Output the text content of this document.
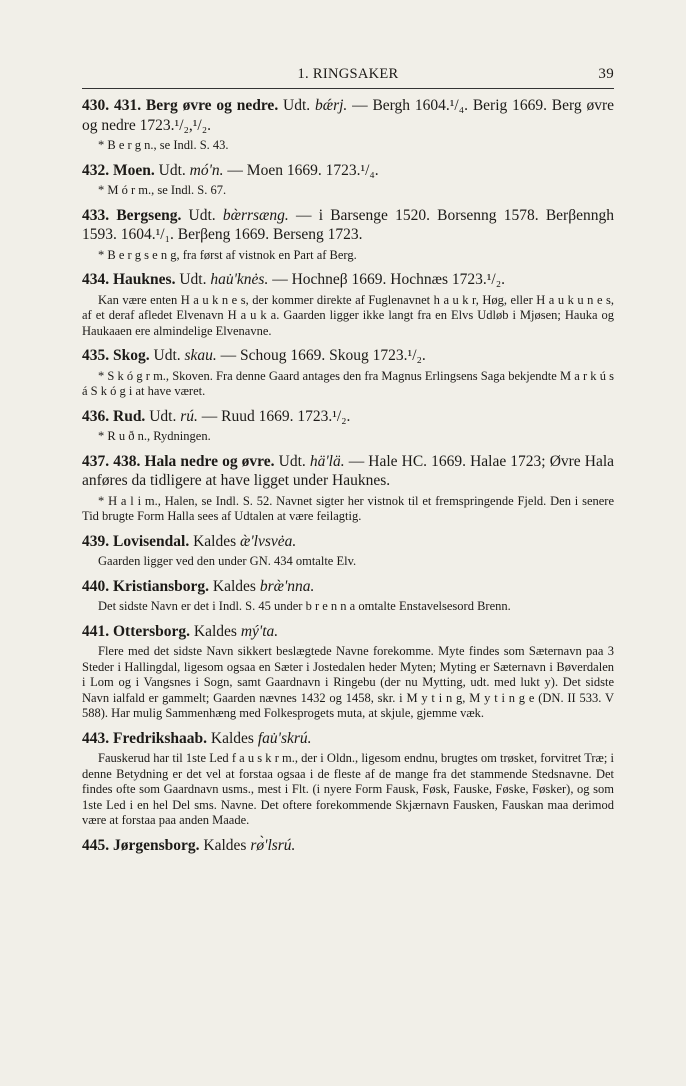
1. RINGSAKER	39
430. 431. Berg øvre og nedre. Udt. bǽrj. — Bergh 1604.¹/₄. Berig 1669. Berg øvre og nedre 1723.¹/₂,¹/₂.
* B e r g n., se Indl. S. 43.
432. Moen. Udt. mó'n. — Moen 1669. 1723.¹/₄.
* M ó r m., se Indl. S. 67.
433. Bergseng. Udt. bæ̀rrsæng. — i Barsenge 1520. Borsenng 1578. Berβenngh 1593. 1604.¹/₁. Berβeng 1669. Berseng 1723.
* B e r g s e n g, fra først af vistnok en Part af Berg.
434. Hauknes. Udt. hau̇'knės. — Hochneβ 1669. Hochnæs 1723.¹/₂.
Kan være enten H a u k n e s, der kommer direkte af Fuglenavnet h a u k r, Høg, eller H a u k u n e s, af et deraf afledet Elvenavn H a u k a. Gaarden ligger ikke langt fra en Elvs Udløb i Mjøsen; Hauka og Haukaaen ere almindelige Elvenavne.
435. Skog. Udt. skau. — Schoug 1669. Skoug 1723.¹/₂.
* S k ó g r m., Skoven. Fra denne Gaard antages den fra Magnus Erlingsens Saga bekjendte M a r k ú s á S k ó g i at have været.
436. Rud. Udt. rú. — Ruud 1669. 1723.¹/₂.
* R u ð n., Rydningen.
437. 438. Hala nedre og øvre. Udt. hä'lä. — Hale HC. 1669. Halae 1723; Øvre Hala anføres da tidligere at have ligget under Hauknes.
* H a l i m., Halen, se Indl. S. 52. Navnet sigter her vistnok til et fremspringende Fjeld. Den i senere Tid brugte Form Halla sees af Udtalen at være feilagtig.
439. Lovisendal. Kaldes æ̀'lvsvėa.
Gaarden ligger ved den under GN. 434 omtalte Elv.
440. Kristiansborg. Kaldes bræ̀'nna.
Det sidste Navn er det i Indl. S. 45 under b r e n n a omtalte Enstavelsesord Brenn.
441. Ottersborg. Kaldes mý'ta.
Flere med det sidste Navn sikkert beslægtede Navne forekomme. Myte findes som Sæternavn paa 3 Steder i Hallingdal, ligesom ogsaa en Sæter i Jostedalen heder Myten; Myting er Sæternavn i Bøverdalen i Lom og i Vangsnes i Sogn, samt Gaardnavn i Ringebu (der nu Mytting, udt. med lukt y). Det sidste Navn ialfald er gammelt; Gaarden nævnes 1432 og 1458, skr. i M y t i n g, M y t i n g e (DN. II 533. V 588). Har mulig Sammenhæng med Folkesprogets muta, at skjule, gjemme væk.
443. Fredrikshaab. Kaldes fau̇'skrú.
Fauskerud har til 1ste Led f a u s k r m., der i Oldn., ligesom endnu, brugtes om trøsket, forvitret Træ; i denne Betydning er det vel at forstaa ogsaa i de fleste af de mange fra det stammende Stedsnavne. Det findes ofte som Gaardnavn usms., mest i Flt. (i nyere Form Fausk, Føsk, Fauske, Føske, Føsker), og som 1ste Led i en hel Del sms. Navne. Det oftere forekommende Skjærnavn Fausken, Fauskan maa derimod være at forstaa paa anden Maade.
445. Jørgensborg. Kaldes rø̀'lsrú.
